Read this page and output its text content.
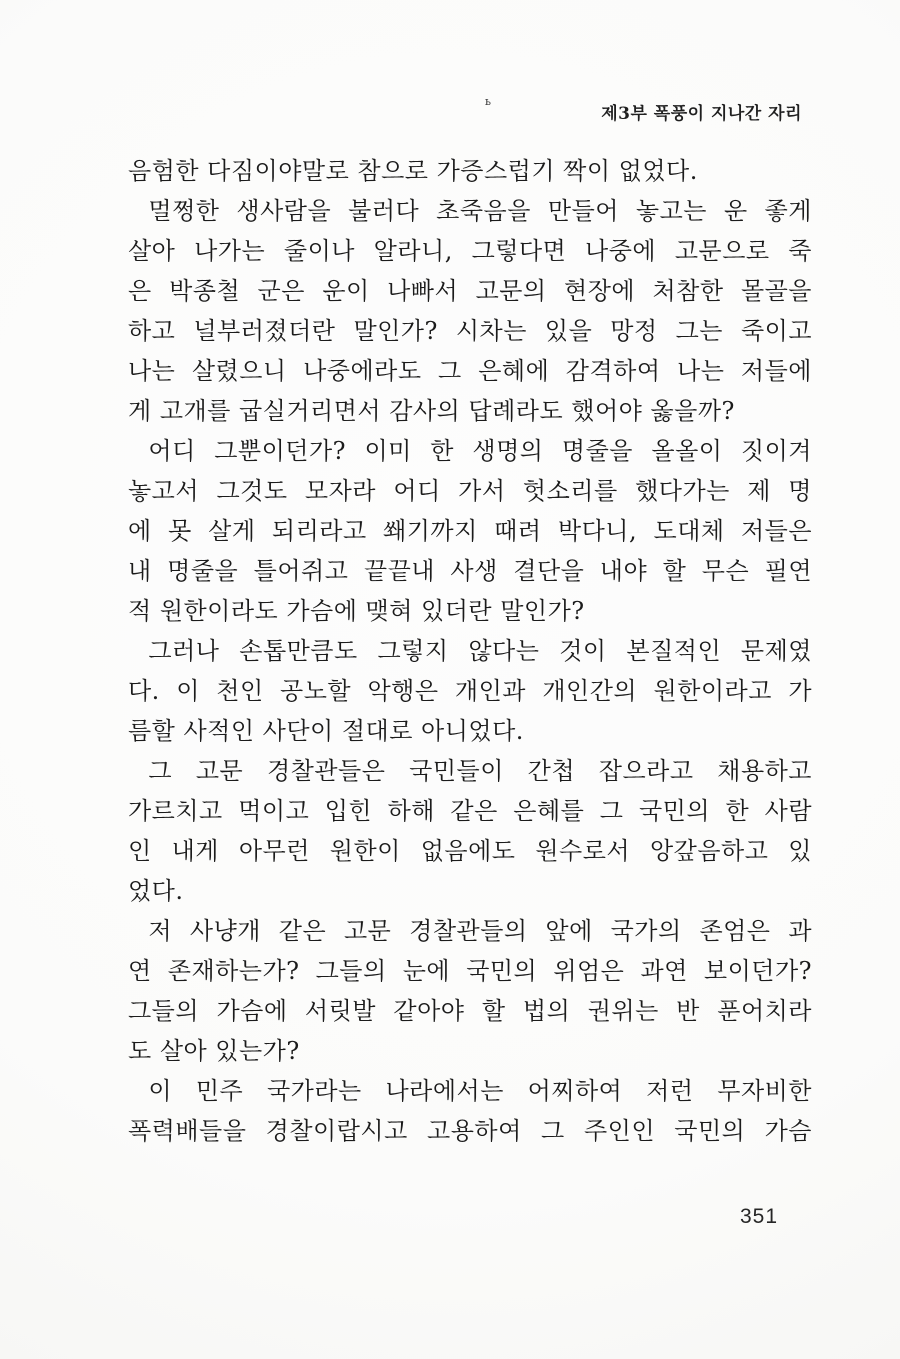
ь
제3부 폭풍이 지나간 자리
음험한 다짐이야말로 참으로 가증스럽기 짝이 없었다.
멀쩡한 생사람을 불러다 초죽음을 만들어 놓고는 운 좋게
살아 나가는 줄이나 알라니, 그렇다면 나중에 고문으로 죽
은 박종철 군은 운이 나빠서 고문의 현장에 처참한 몰골을
하고 널부러졌더란 말인가? 시차는 있을 망정 그는 죽이고
나는 살렸으니 나중에라도 그 은혜에 감격하여 나는 저들에
게 고개를 굽실거리면서 감사의 답례라도 했어야 옳을까?
어디 그뿐이던가? 이미 한 생명의 명줄을 올올이 짓이겨
놓고서 그것도 모자라 어디 가서 헛소리를 했다가는 제 명
에 못 살게 되리라고 쐐기까지 때려 박다니, 도대체 저들은
내 명줄을 틀어쥐고 끝끝내 사생 결단을 내야 할 무슨 필연
적 원한이라도 가슴에 맺혀 있더란 말인가?
그러나 손톱만큼도 그렇지 않다는 것이 본질적인 문제였
다. 이 천인 공노할 악행은 개인과 개인간의 원한이라고 가
름할 사적인 사단이 절대로 아니었다.
그 고문 경찰관들은 국민들이 간첩 잡으라고 채용하고
가르치고 먹이고 입힌 하해 같은 은혜를 그 국민의 한 사람
인 내게 아무런 원한이 없음에도 원수로서 앙갚음하고 있
었다.
저 사냥개 같은 고문 경찰관들의 앞에 국가의 존엄은 과
연 존재하는가? 그들의 눈에 국민의 위엄은 과연 보이던가?
그들의 가슴에 서릿발 같아야 할 법의 권위는 반 푼어치라
도 살아 있는가?
이 민주 국가라는 나라에서는 어찌하여 저런 무자비한
폭력배들을 경찰이랍시고 고용하여 그 주인인 국민의 가슴
351
